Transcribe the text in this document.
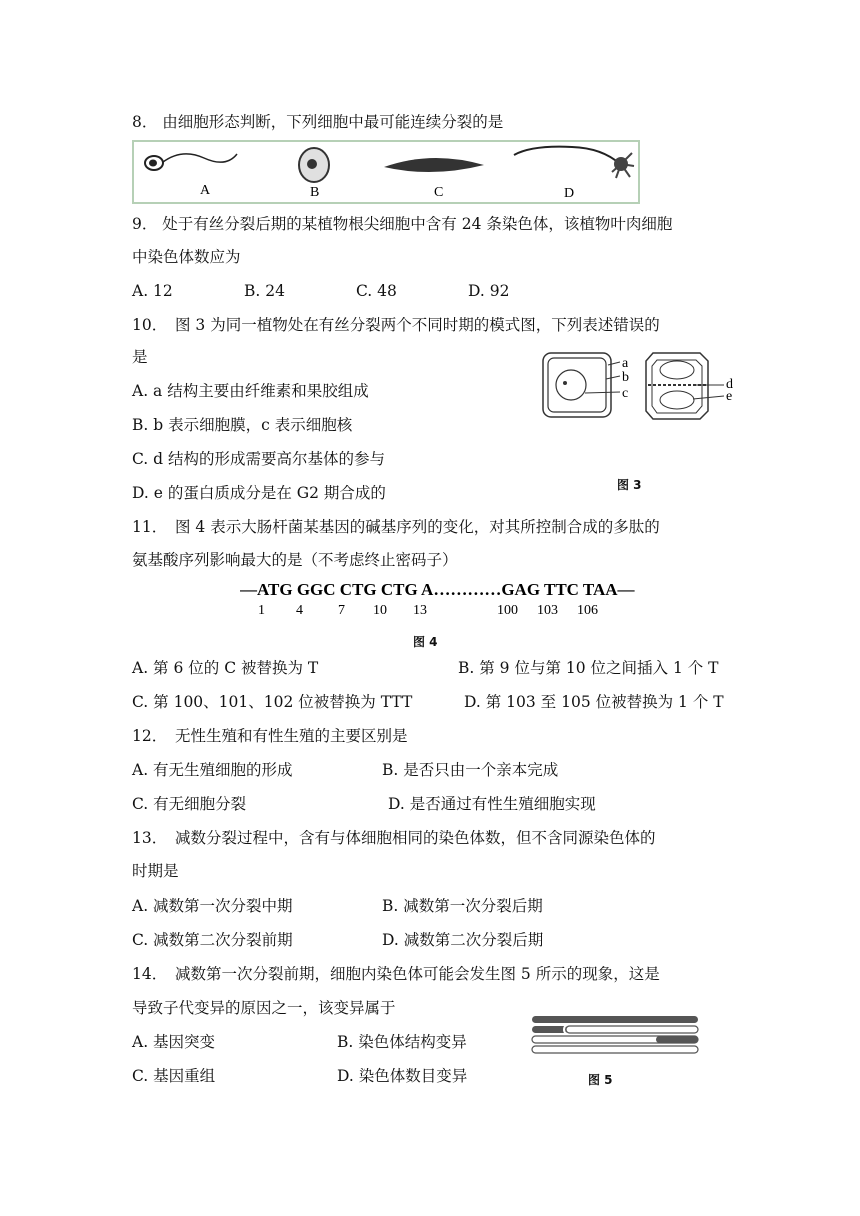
8． 由细胞形态判断，下列细胞中最可能连续分裂的是
A	B	C	D
9． 处于有丝分裂后期的某植物根尖细胞中含有 24 条染色体，该植物叶肉细胞
中染色体数应为
A. 12	B. 24	C. 48	D. 92
10．　图 3 为同一植物处在有丝分裂两个不同时期的模式图，下列表述错误的
是
A. a 结构主要由纤维素和果胶组成
B. b 表示细胞膜，c 表示细胞核
C. d 结构的形成需要高尔基体的参与
D. e 的蛋白质成分是在 G2 期合成的
a
b
c
d
e
图 3
11．　图 4 表示大肠杆菌某基因的碱基序列的变化，对其所控制合成的多肽的
氨基酸序列影响最大的是（不考虑终止密码子）
—ATG GGC CTG CTG A…………GAG TTC TAA—
1 4	7 10 13	100 103 106
图 4
A. 第 6 位的 C 被替换为 T	B. 第 9 位与第 10 位之间插入 1 个 T
C. 第 100、101、102 位被替换为 TTT	D. 第 103 至 105 位被替换为 1 个 T
12．　无性生殖和有性生殖的主要区别是
A. 有无生殖细胞的形成	B. 是否只由一个亲本完成
C. 有无细胞分裂	D. 是否通过有性生殖细胞实现
13．　减数分裂过程中，含有与体细胞相同的染色体数，但不含同源染色体的
时期是
A. 减数第一次分裂中期	B. 减数第一次分裂后期
C. 减数第二次分裂前期	D. 减数第二次分裂后期
14．　减数第一次分裂前期，细胞内染色体可能会发生图 5 所示的现象，这是
导致子代变异的原因之一，该变异属于
A. 基因突变	B. 染色体结构变异
C. 基因重组	D. 染色体数目变异	图 5
